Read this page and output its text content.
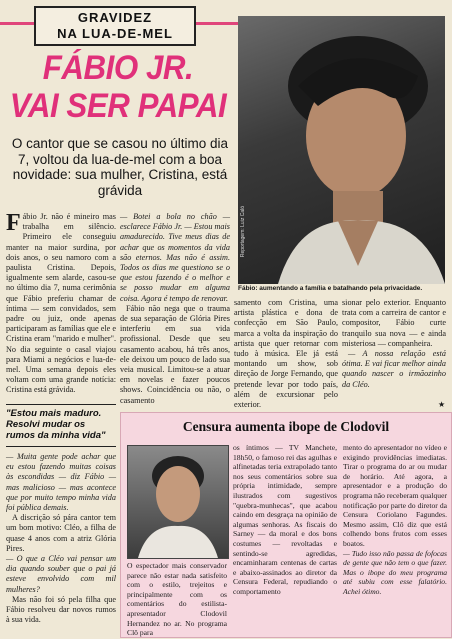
GRAVIDEZ
NA LUA-DE-MEL
FÁBIO JR.
VAI SER PAPAI
O cantor que se casou no último dia 7, voltou da lua-de-mel com a boa novidade: sua mulher, Cristina, está grávida
Reportagem: Luiz Caló
Fábio: aumentando a família e batalhando pela privacidade.

Fábio Jr. não é mineiro mas trabalha em silêncio. Primeiro ele conseguiu manter na maior surdina, por dois anos, o seu namoro com a paulista Cristina. Depois, igualmente sem alarde, casou-se no último dia 7, numa cerimônia que Fábio preferiu chamar de íntima — sem convidados, sem padre ou juiz, onde apenas participaram as famílias que ele e Cristina eram "marido e mulher". No dia seguinte o casal viajou para Miami a negócios e lua-de-mel. Uma semana depois eles voltam com uma grande notícia: Cristina está grávida.

— Botei a bola no chão — esclarece Fábio Jr. — Estou mais amadurecido. Tive meus dias de achar que os momentos da vida são eternos. Mas não é assim. Todos os dias me questiono se o que estou fazendo é o melhor e se posso mudar em alguma coisa. Agora é tempo de renovar.

Fábio não nega que o trauma de sua separação de Glória Pires interferiu em sua vida profissional. Desde que seu casamento acabou, há três anos, ele deixou um pouco de lado sua veia musical. Limitou-se a atuar em novelas e fazer poucos shows. Coincidência ou não, o casamento

samento com Cristina, uma artista plástica e dona de confecção em São Paulo, marca a volta da inspiração do artista que quer retornar com tudo à música. Ele já está montando um show, sob direção de Jorge Fernando, que pretende levar por todo país, além de excursionar pelo exterior.

sionar pelo exterior. Enquanto trata com a carreira de cantor e compositor, Fábio curte tranquilo sua nova — e ainda misteriosa — companheira.

— A nossa relação está ótima. E vai ficar melhor ainda quando nascer o irmãozinho da Cléo.

★
"Estou mais maduro. Resolvi mudar os rumos da minha vida"

— Muita gente pode achar que eu estou fazendo muitas coisas às escondidas — diz Fábio — mas malicioso — mas acontece que por muito tempo minha vida foi pública demais.

A discrição só pára cantor tem um bom motivo: Cléo, a filha de quase 4 anos com a atriz Glória Pires.

— O que a Cléo vai pensar um dia quando souber que o pai já esteve envolvido com mil mulheres?

Mas não foi só pela filha que Fábio resolveu dar novos rumos à sua vida.

Censura aumenta ibope de Clodovil
O espectador mais conservador parece não estar nada satisfeito com o estilo, trejeitos e principalmente com os comentários do estilista-apresentador Clodovil Hernandez no ar. No programa Clô para
os íntimos — TV Manchete, 18h50, o famoso rei das agulhas e alfinetadas teria extrapolado tanto nos seus comentários sobre sua própria intimidade, sempre ilustrados com sugestivos "quebra-munhecas", que acabou caindo em desgraça na opinião de algumas senhoras. As fiscais do Sarney — da moral e dos bons costumes — revoltadas e sentindo-se agredidas, encaminharam centenas de cartas e abaixo-assinados ao diretor da Censura Federal, repudiando o comportamento

mento do apresentador no vídeo e exigindo providências imediatas. Tirar o programa do ar ou mudar de horário. Até agora, a apresentador e a produção do programa não receberam qualquer notificação por parte do diretor da Censura Coriolano Fagundes. Mesmo assim, Clô diz que está colhendo bons frutos com esses boatos.

— Tudo isso não passa de fofocas de gente que não tem o que fazer. Mas o ibope do meu programa até subiu com esse falatório. Achei ótimo.
